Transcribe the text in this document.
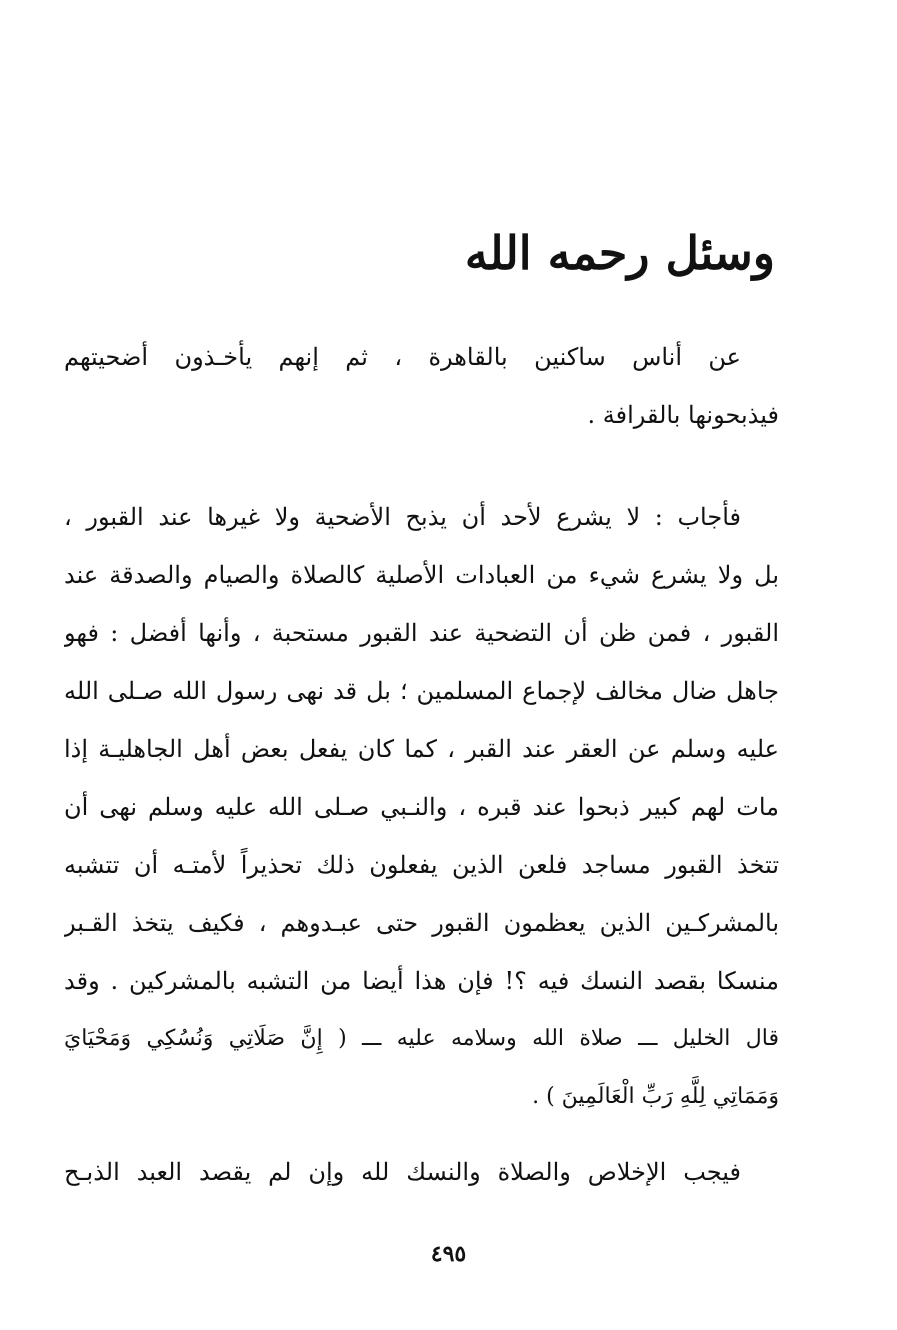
وسئل رحمه الله
عن أناس ساكنين بالقاهرة ، ثم إنهم يأخـذون أضحيتهم
فيذبحونها بالقرافة .
فأجاب : لا يشرع لأحد أن يذبح الأضحية ولا غيرها عند القبور ،
بل ولا يشرع شيء من العبادات الأصلية كالصلاة والصيام والصدقة عند
القبور ، فمن ظن أن التضحية عند القبور مستحبة ، وأنها أفضل : فهو
جاهل ضال مخالف لإجماع المسلمين ؛ بل قد نهى رسول الله صـلى الله
عليه وسلم عن العقر عند القبر ، كما كان يفعل بعض أهل الجاهليـة إذا
مات لهم كبير ذبحوا عند قبره ، والنـبي صـلى الله عليه وسلم نهى أن
تتخذ القبور مساجد فلعن الذين يفعلون ذلك تحذيراً لأمتـه أن تتشبه
بالمشركـين الذين يعظمون القبور حتى عبـدوهم ، فكيف يتخذ القـبر
منسكا بقصد النسك فيه ؟! فإن هذا أيضا من التشبه بالمشركين . وقد
قال الخليل ـــ صلاة الله وسلامه عليه ـــ ( إِنَّ صَلَاتِي وَنُسُكِي وَمَحْيَايَ
وَمَمَاتِي لِلَّهِ رَبِّ الْعَالَمِينَ ) .
فيجب الإخلاص والصلاة والنسك لله وإن لم يقصد العبد الذبـح
٤٩٥
